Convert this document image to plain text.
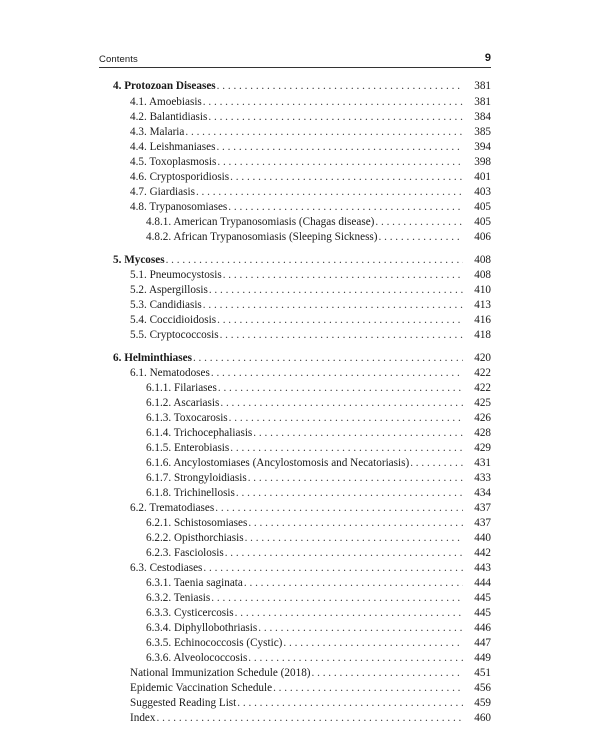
Contents	9
4. Protozoan Diseases . . .	381
4.1. Amoebiasis . . .	381
4.2. Balantidiasis . . .	384
4.3. Malaria . . .	385
4.4. Leishmaniases . . .	394
4.5. Toxoplasmosis . . .	398
4.6. Cryptosporidiosis . . .	401
4.7. Giardiasis . . .	403
4.8. Trypanosomiases . . .	405
4.8.1. American Trypanosomiasis (Chagas disease) . . .	405
4.8.2. African Trypanosomiasis (Sleeping Sickness) . . .	406
5. Mycoses . . .	408
5.1. Pneumocystosis . . .	408
5.2. Aspergillosis . . .	410
5.3. Candidiasis . . .	413
5.4. Coccidioidosis . . .	416
5.5. Cryptococcosis . . .	418
6. Helminthiases . . .	420
6.1. Nematodoses . . .	422
6.1.1. Filariases . . .	422
6.1.2. Ascariasis . . .	425
6.1.3. Toxocarosis . . .	426
6.1.4. Trichocephaliasis . . .	428
6.1.5. Enterobiasis . . .	429
6.1.6. Ancylostomiases (Ancylostomosis and Necatoriasis) . . .	431
6.1.7. Strongyloidiasis . . .	433
6.1.8. Trichinellosis . . .	434
6.2. Trematodiases . . .	437
6.2.1. Schistosomiases . . .	437
6.2.2. Opisthorchiasis . . .	440
6.2.3. Fasciolosis . . .	442
6.3. Cestodiases . . .	443
6.3.1. Taenia saginata . . .	444
6.3.2. Teniasis . . .	445
6.3.3. Cysticercosis . . .	445
6.3.4. Diphyllobothriasis . . .	446
6.3.5. Echinococcosis (Cystic) . . .	447
6.3.6. Alveolococcosis . . .	449
National Immunization Schedule (2018) . . .	451
Epidemic Vaccination Schedule . . .	456
Suggested Reading List . . .	459
Index . . .	460
